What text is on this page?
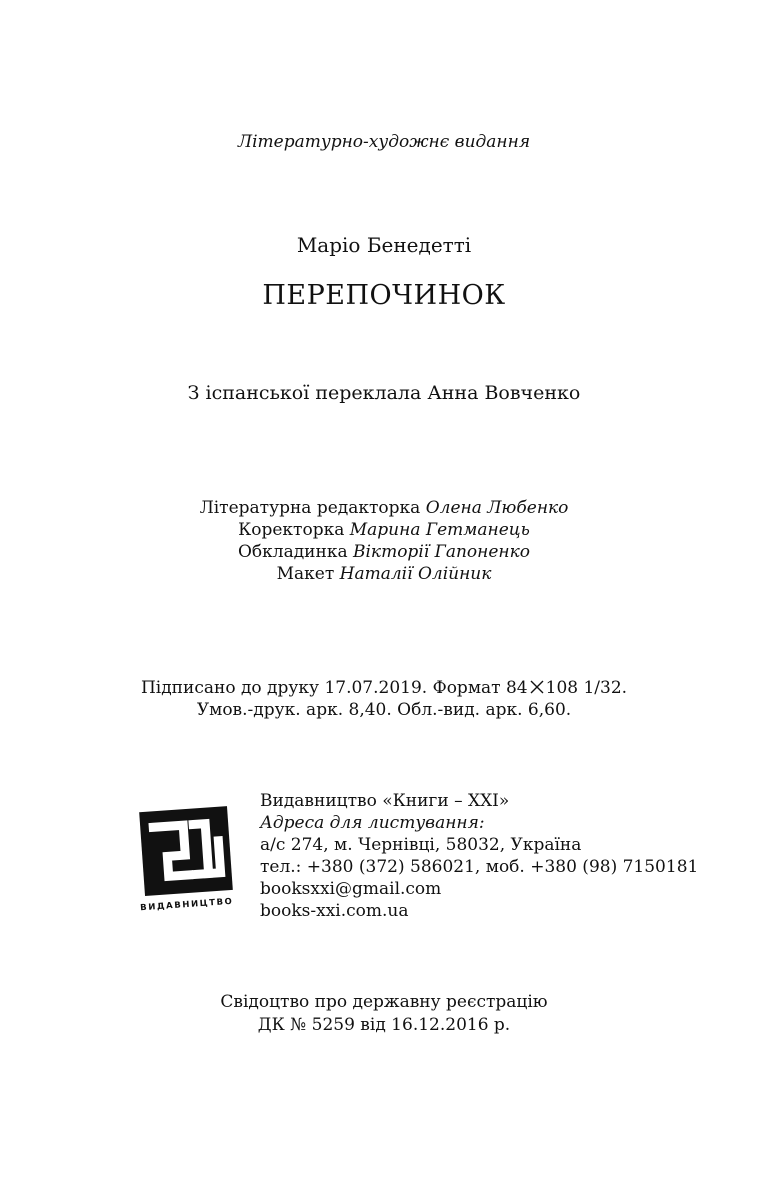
Літературно-художнє видання
Маріо Бенедетті
ПЕРЕПОЧИНОК
З іспанської переклала Анна Вовченко
Літературна редакторка Олена Любенко
Коректорка Марина Гетманець
Обкладинка Вікторії Гапоненко
Макет Наталії Олійник
Підписано до друку 17.07.2019. Формат 84 108 1/32.
Умов.-друк. арк. 8,40. Обл.-вид. арк. 6,60.
ВИДАВНИЦТВО
Видавництво «Книги – XXI»
Адреса для листування:
а/с 274, м. Чернівці, 58032, Україна
тел.: +380 (372) 586021, моб. +380 (98) 7150181
booksxxi@gmail.com
books-xxi.com.ua
Свідоцтво про державну реєстрацію
ДК № 5259 від 16.12.2016 р.
